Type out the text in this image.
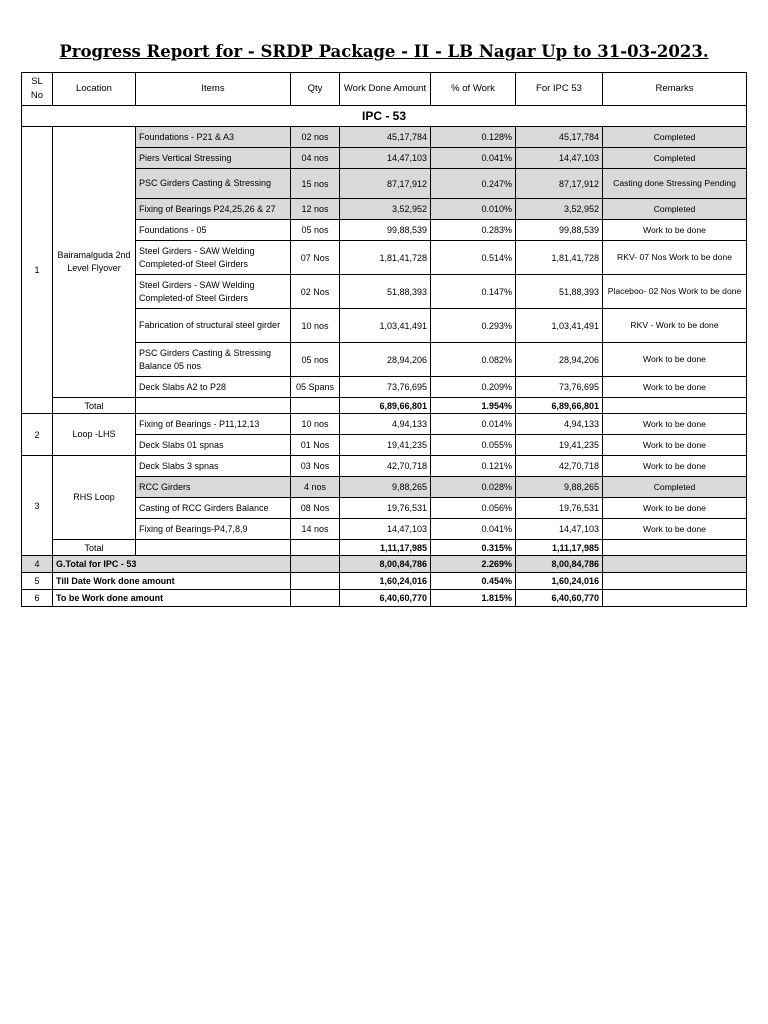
Progress Report for - SRDP Package - II - LB Nagar Up to 31-03-2023.
SL No	Location	Items	Qty	Work Done Amount	% of Work	For IPC 53	Remarks
IPC - 53							
1	Bairamalguda 2nd Level Flyover	Foundations - P21 & A3	02 nos	45,17,784	0.128%	45,17,784	Completed
		Piers Vertical Stressing	04 nos	14,47,103	0.041%	14,47,103	Completed
		PSC Girders Casting & Stressing	15 nos	87,17,912	0.247%	87,17,912	Casting done Stressing Pending
		Fixing of Bearings P24,25,26 & 27	12 nos	3,52,952	0.010%	3,52,952	Completed
		Foundations - 05	05 nos	99,88,539	0.283%	99,88,539	Work to be done
		Steel Girders - SAW Welding Completed-of Steel Girders	07 Nos	1,81,41,728	0.514%	1,81,41,728	RKV- 07 Nos Work to be done
		Steel Girders - SAW Welding Completed-of Steel Girders	02 Nos	51,88,393	0.147%	51,88,393	Placeboo- 02 Nos Work to be done
		Fabrication of structural steel girder	10 nos	1,03,41,491	0.293%	1,03,41,491	RKV - Work to be done
		PSC Girders Casting & Stressing Balance 05 nos	05 nos	28,94,206	0.082%	28,94,206	Work to be done
		Deck Slabs A2 to P28	05 Spans	73,76,695	0.209%	73,76,695	Work to be done
	Total			6,89,66,801	1.954%	6,89,66,801	
2	Loop -LHS	Fixing of Bearings - P11,12,13	10 nos	4,94,133	0.014%	4,94,133	Work to be done
		Deck Slabs 01 spnas	01 Nos	19,41,235	0.055%	19,41,235	Work to be done
3	RHS Loop	Deck Slabs 3 spnas	03 Nos	42,70,718	0.121%	42,70,718	Work to be done
		RCC Girders	4 nos	9,88,265	0.028%	9,88,265	Completed
		Casting of RCC Girders Balance	08 Nos	19,76,531	0.056%	19,76,531	Work to be done
		Fixing of Bearings-P4,7,8,9	14 nos	14,47,103	0.041%	14,47,103	Work to be done
	Total			1,11,17,985	0.315%	1,11,17,985	
4	G.Total for IPC - 53			8,00,84,786	2.269%	8,00,84,786	
5	Till Date Work done amount			1,60,24,016	0.454%	1,60,24,016	
6	To be Work done amount			6,40,60,770	1.815%	6,40,60,770	
